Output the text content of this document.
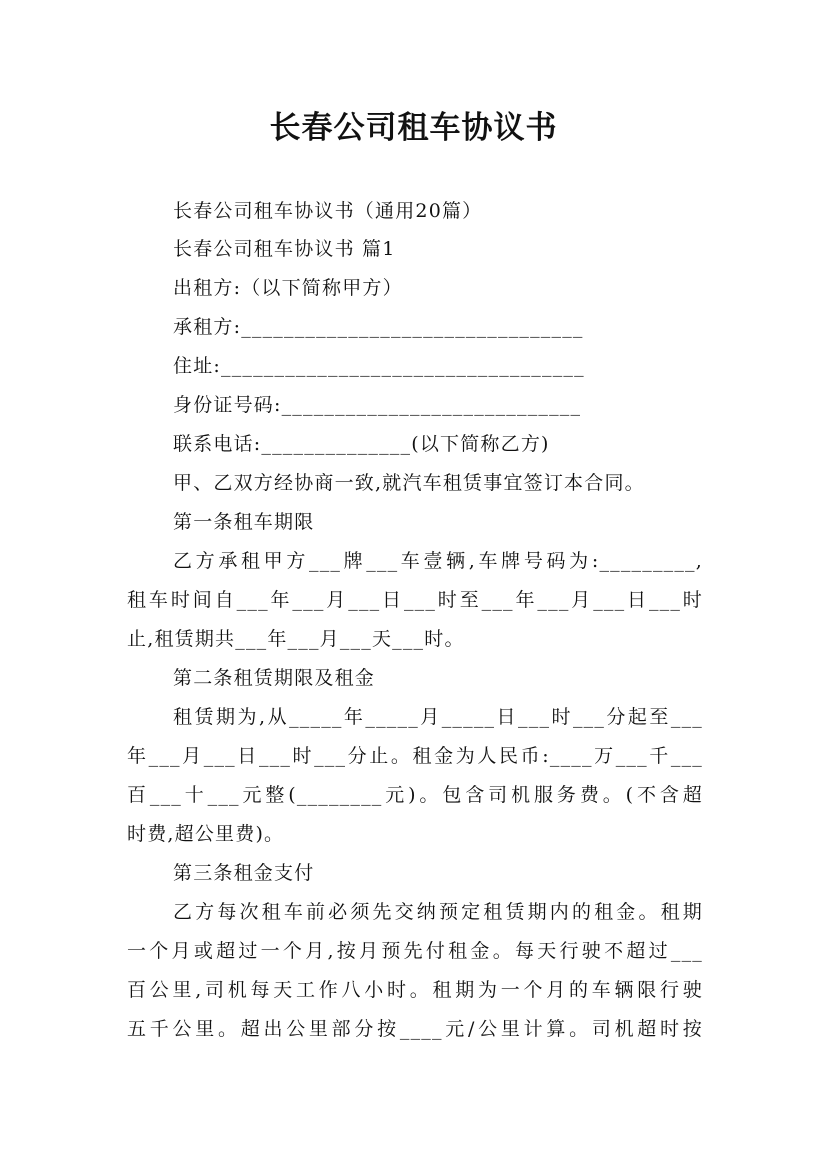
长春公司租车协议书
长春公司租车协议书（通用20篇）
长春公司租车协议书 篇1
出租方:（以下简称甲方）
承租方:________________________________
住址:__________________________________
身份证号码:____________________________
联系电话:______________(以下简称乙方)
甲、乙双方经协商一致,就汽车租赁事宜签订本合同。
第一条租车期限
乙方承租甲方___牌___车壹辆,车牌号码为:_________,
租车时间自___年___月___日___时至___年___月___日___时
止,租赁期共___年___月___天___时。
第二条租赁期限及租金
租赁期为,从_____年_____月_____日___时___分起至___
年___月___日___时___分止。租金为人民币:____万___千___
百___十___元整(________元)。包含司机服务费。(不含超
时费,超公里费)。
第三条租金支付
乙方每次租车前必须先交纳预定租赁期内的租金。租期
一个月或超过一个月,按月预先付租金。每天行驶不超过___
百公里,司机每天工作八小时。租期为一个月的车辆限行驶
五千公里。超出公里部分按____元/公里计算。司机超时按
